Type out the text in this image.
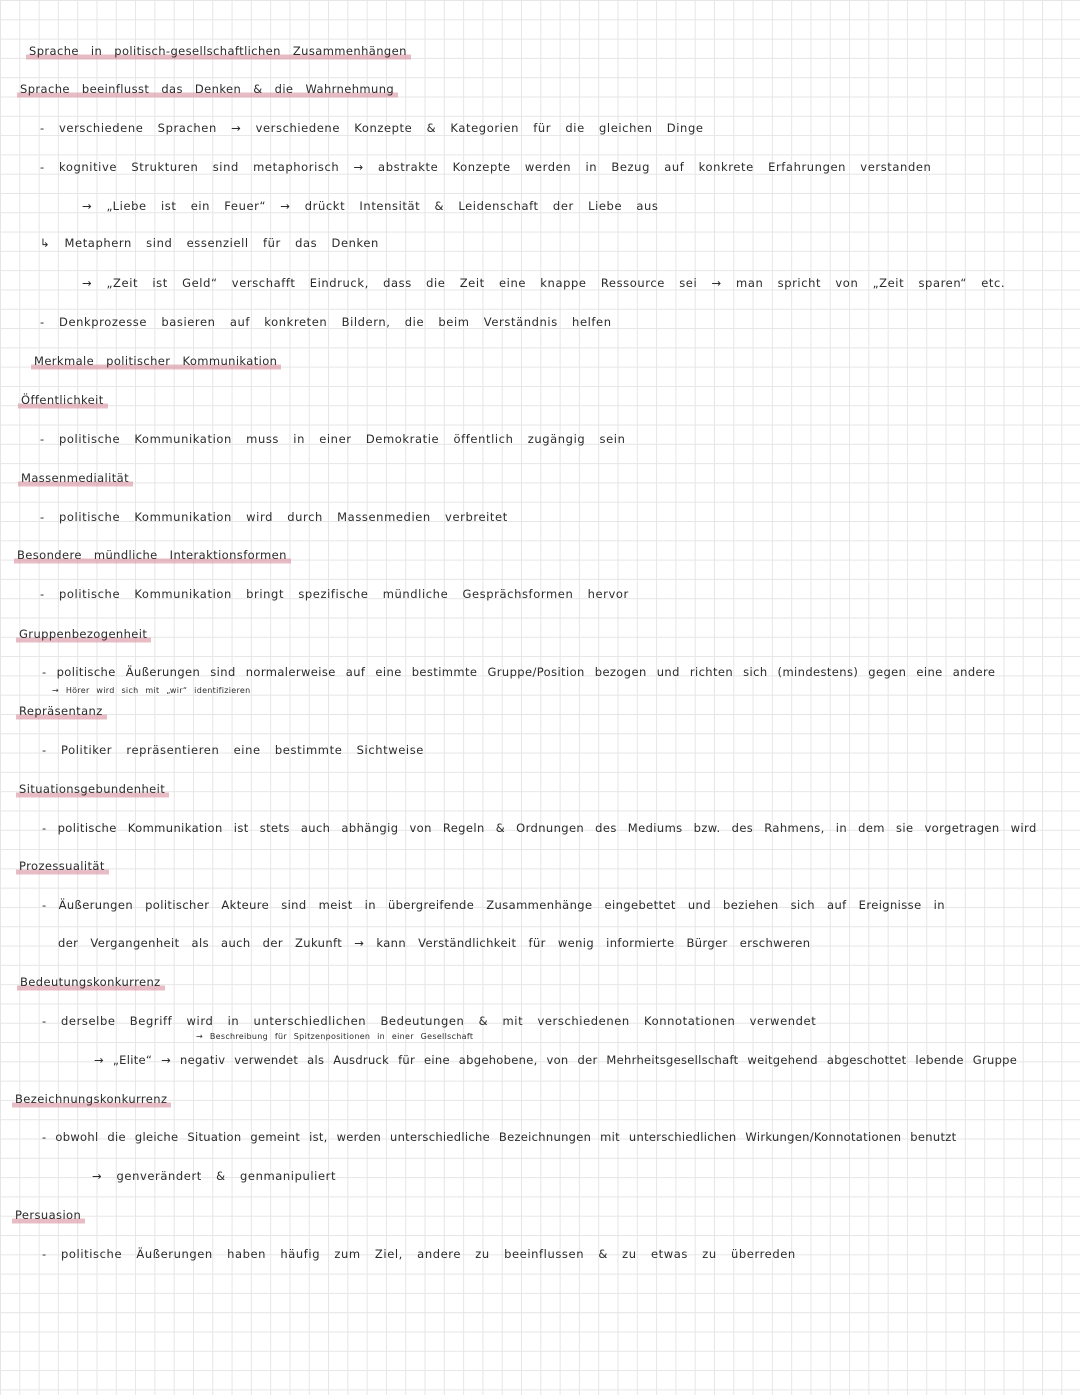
Sprache in politisch-gesellschaftlichen Zusammenhängen
Sprache beeinflusst das Denken & die Wahrnehmung
- verschiedene Sprachen → verschiedene Konzepte & Kategorien für die gleichen Dinge
- kognitive Strukturen sind metaphorisch → abstrakte Konzepte werden in Bezug auf konkrete Erfahrungen verstanden
→ „Liebe ist ein Feuer“ → drückt Intensität & Leidenschaft der Liebe aus
↳ Metaphern sind essenziell für das Denken
→ „Zeit ist Geld“ verschafft Eindruck, dass die Zeit eine knappe Ressource sei → man spricht von „Zeit sparen“ etc.
- Denkprozesse basieren auf konkreten Bildern, die beim Verständnis helfen
Merkmale politischer Kommunikation
Öffentlichkeit
- politische Kommunikation muss in einer Demokratie öffentlich zugängig sein
Massenmedialität
- politische Kommunikation wird durch Massenmedien verbreitet
Besondere mündliche Interaktionsformen
- politische Kommunikation bringt spezifische mündliche Gesprächsformen hervor
Gruppenbezogenheit
- politische Äußerungen sind normalerweise auf eine bestimmte Gruppe/Position bezogen und richten sich (mindestens) gegen eine andere
→ Hörer wird sich mit „wir“ identifizieren
Repräsentanz
- Politiker repräsentieren eine bestimmte Sichtweise
Situationsgebundenheit
- politische Kommunikation ist stets auch abhängig von Regeln & Ordnungen des Mediums bzw. des Rahmens, in dem sie vorgetragen wird
Prozessualität
- Äußerungen politischer Akteure sind meist in übergreifende Zusammenhänge eingebettet und beziehen sich auf Ereignisse in
der Vergangenheit als auch der Zukunft → kann Verständlichkeit für wenig informierte Bürger erschweren
Bedeutungskonkurrenz
- derselbe Begriff wird in unterschiedlichen Bedeutungen & mit verschiedenen Konnotationen verwendet
→ Beschreibung für Spitzenpositionen in einer Gesellschaft
→ „Elite“ → negativ verwendet als Ausdruck für eine abgehobene, von der Mehrheitsgesellschaft weitgehend abgeschottet lebende Gruppe
Bezeichnungskonkurrenz
- obwohl die gleiche Situation gemeint ist, werden unterschiedliche Bezeichnungen mit unterschiedlichen Wirkungen/Konnotationen benutzt
→ genverändert & genmanipuliert
Persuasion
- politische Äußerungen haben häufig zum Ziel, andere zu beeinflussen & zu etwas zu überreden
